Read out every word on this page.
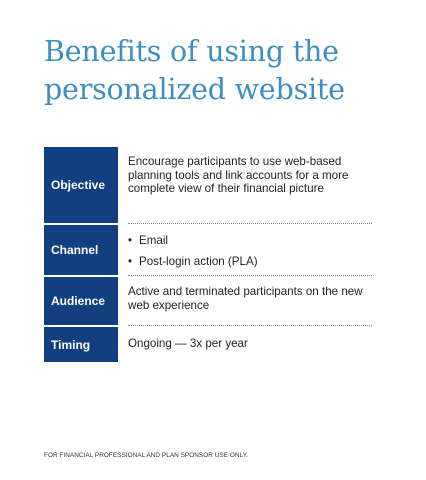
Benefits of using the personalized website
Objective
Encourage participants to use web-based planning tools and link accounts for a more complete view of their financial picture
Channel
• Email
• Post-login action (PLA)
Audience
Active and terminated participants on the new web experience
Timing	Ongoing — 3x per year
FOR FINANCIAL PROFESSIONAL AND PLAN SPONSOR USE ONLY.
